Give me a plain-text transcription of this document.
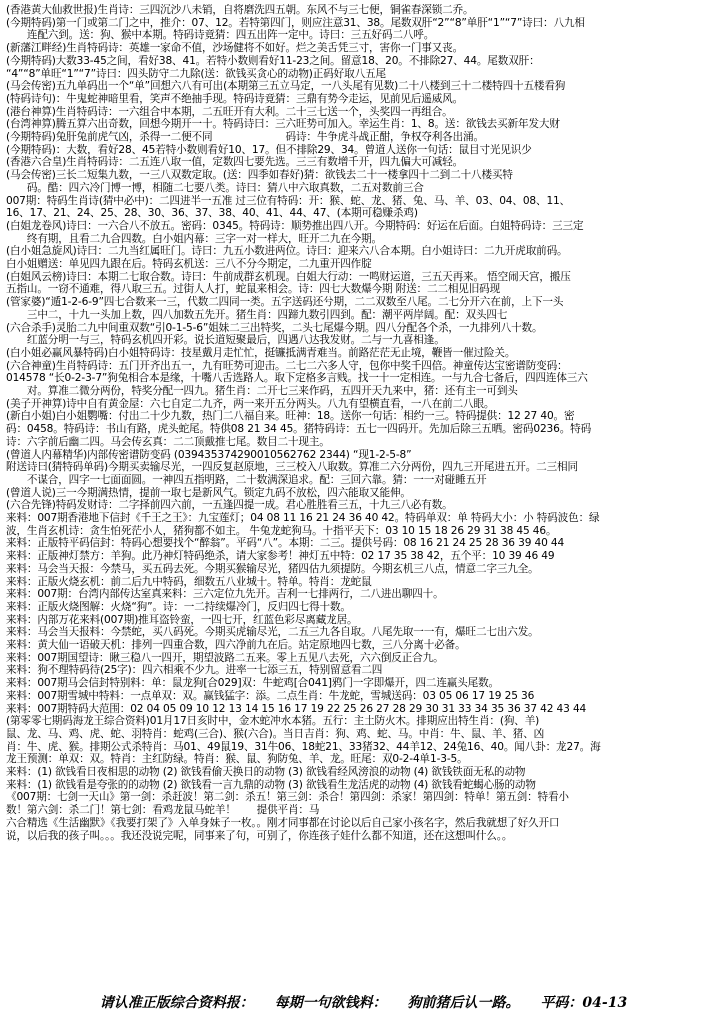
(香港黄大仙救世报)生肖诗：三四沉沙八未销，自将磨洗四五朝。东风不与三七便，铜雀春深锁二乔。
(今期特码)第一门或第二门之中，推介：07、12。若特第四门，则应注意31、38。尾数双肝“2”“8”单肝“1”“7”诗曰：八九相
　　连配六到。送：狗、猴中本期。特码诗竟猜：四五出阵一定中。诗曰：三五好码二八呼。
(新藩江畔经)生肖特码诗：英雄一家命不值，沙场健将不如好。烂之美舌凭三寸，害你一门事又丧。
(今期特码)大数33-45之间，看好38、41。若特小数则看好11-23之间。留意18、20。不排除27、44。尾数双肝：
“4”“8”单旺“1”“7”诗曰：四头防守二九除(送：欲钱买贪心的动物)正码好取八五尾
(马会传密)五九单码出一个“单”回想六八有可出(本期第三五立马定，一八头尾有见数)二十八楼到三十二楼特四十五楼看狗
(特码诗句)：牛鬼蛇神暗里看，笑声不绝抽手现。特码诗竟猜：三鼎有势今走运，见前见后遥威风。
(港台神算)生肖特码诗：一六组合中本期，二五旺开有大利。二十三七送一个，头奖四一再组合。
(台湾神算)腾五算六出奇数，回想今期开一十。特码诗曰：三六旺势可加入。幸运生肖：1、8。送：欲钱去买新年发大财
(今期特码)兔肝兔前虎气凶，杀得一二便不同　　　　　　　码诗：牛争虎斗战正酣，争权夺利各出涌。
(今期特码)：大数，看好28、45若特小数则看好10、17。但不排除29、34。曾道人送你一句话：鼠目寸光见识少
(香港六合皇)生肖特码诗：二五连八取一值，定数四七要先选。三三有数增千开，四九偏大可减轻。
(马会传密)三长二短集九数，一三八双数定取。(送：四季如春好)猜：欲钱去二十一楼拿四十二到二十八楼买特
　　码。酷：四六冷门博一博，相随二七要八类。诗曰：猜八中六取真数，二五对数前三合
007期：特码生肖诗(猜中必中)：二四进半一五准 过三位有特码：开：猴、蛇、龙、猪、兔、马、羊、03、04、08、11、
16、17、21、24、25、28、30、36、37、38、40、41、44、47、(本期可稳赚杀鸡)
(白姐龙卷风)诗曰：一六合八不放五。密码：0345。特码诗：顺势推出四八开。今期特码：好运在后面。白姐特码诗：三三定
　　终有期，且看二九合四数。白小姐内幕：三字一对一样大，旺开二九在今期。
(白小姐急旋风)诗曰：二九当红属旺门。诗曰：九五小数进两位。诗曰：迎来六八合本期。白小姐诗曰：二九开虎取前码。
白小姐赠送：单见四九跟在后。特码玄机送：三八不分今期定，二九重开四作腚
(白姐风云榜)诗曰：本期二七取合数。诗曰：牛前成群玄机现。白姐大行动：一鸣财运道，三五天再来。 悟空闹天宫，搬压
五指山。一窃不通难，得八取三五。过街人人打，蛇鼠来相会。诗：四七大数爆今期 附送：二二相见旧码现
(管家婆)“遁1-2-6-9”四七合数来一三，代数二四同一类。五字送码还兮期，二二双数至八尾。二七分开六在前，上下一头
　　三中二，十九一头加上数，四八加数五先开。猪生肖：四蹄九数引四到。配：潮平两岸阔。配：双头四七
(六合杀手)灵胎二九中间重双数“引0-1-5-6”姐妹二三出特奖，二头七尾爆今期。四八分配各个杀，一九排列八十数。
　　红蓝分明一与三，特码玄机四开彩。说长道短聚最后，四遇八达我发财。二与一九喜相逢。
(白小姐必赢风暴特码)白小姐特码诗：技星戴月走忙忙，挺镰抵满青难当。前路茫茫无止境，鞭皆一催过险关。
(六合神童)生肖特码诗：五门开齐出五一，九有旺势可迎击。二七二六多人守，包你中奖千四倍。神童传达宝密谱防变码：
014578 “长0-2-3-7”狗兔相合本是缘，十嘴八舌选路人。取下定格多言贱。找一十一定相连。一与九合七备后，四四连体三六
　　对。算准二微分两份，特奖分配一四九。猪生肖：二开七三来作码，五四开天九来中，猪：还有主一可到头
(美子开神算)诗中自有黄金屋：六七自定二九齐，两一来开五分两头。八九有望横直看，一八在前二八眼。
(新白小姐)白小姐鹦嘴：付出二十少九数，热门二八福自来。旺神：18。送你一句话：相约一三。特码提供：12 27 40。密
码：0458。特码诗：书山有路，虎头蛇尾。特供08 21 34 45。猪特码诗：五七一四码开。先加后除三五晒。密码0236。特码
诗：六字前后幽二四。马会传玄真：二二顶戴推七尾。数目二十现主。
(曾道人内幕精华)内部传密谱防变码 (039435374290010562762 2344) “现1-2-5-8”
附送诗曰(猜特码单码)今期买卖输尽光，一四反复赵原地，三三校入八取数。算准二六分两份，四九三开尾进五开。二三相同
　　不谋合，四字一七面面圆。一神四五指明路，二十数满深追求。配：三回六靠。猜：一一对碰睡五开
(曾道人说)三一今期满热情，提前一取七是新风气。锁定九码不放松，四六能取又能伸。
(六合先锋)特码发财诗：二字择前四六前，一五逢四提一成。君心胜胜看三五，十九三八必有数。
来料：007期香港地下信封《千王之王》：九宝莲灯；04 08 11 16 21 24 36 40 42。特码单双：单 特码大小：小 特码波色：绿
波，生肖玄机诗：贪生怕死茫小人，猪狗都不如主。 牛兔龙蛇狗马。十指平天下：03 10 15 18 26 29 31 38 45 46。
来料：正版特平码信封：特码心想要找个“醉翁”。平码“八”。本期：二三。提供号码：08 16 21 24 25 28 36 39 40 44
来料：正版神灯禁方：羊狗。此乃神灯特码绝杀，请大家参考！神灯五中特：02 17 35 38 42，五个平：10 39 46 49
来料：马会当天报：今禁马，买五码去死。今期买猴输尽光，猪四估九须提防。今期玄机三八点，情意二字三九全。
来料：正版火烧玄机：前二后九中特码，细数五八业城十。特单。特肖：龙蛇鼠
来料：007期：台湾内部传达室真来料：三六定位九先开。吉利一七排两行，二八进出聊四十。
来料：正版火烧图解：火烧“狗”。诗：一二持续爆冷门，反归四七得十数。
来料：内部万花来料(007期)推耳盗铃蛮，一四七开，红蓝色彩尽离藏龙居。
来料：马会当天报料：今禁蛇，买八码死。今期买虎输尽光，二五三九各自取。八尾先取一一有，爆旺二七出六发。
来料：黄大仙一语破天机：排列一四重合数，四六净前九在后。站定原地四七数，三八分离十必备。
来料：007期国望诗：瞅三稳八一四开，期望波路二五来。零上五见八去死，六六倒反正合九。
来料：狗不理特码待(25字)：四六相乘不少九。进率一七添三五，特别留意看二四
来料：007期马会信封特别料：单：鼠龙狗[合029]双：牛蛇鸡[合041]鸦门一字即爆开，四二连赢头尾数。
来料：007期雪城中特料：一点单双：双。赢钱猛字：添。二点生肖：牛龙蛇，雪城送码：03 05 06 17 19 25 36
来料：007期特码大范围：02 04 05 09 10 12 13 14 15 16 17 19 22 25 26 27 28 29 30 31 33 34 35 36 37 42 43 44
(第零零七期码海龙王综合资料)01月17日亥时中，金木蛇冲水本猪。五行：主土防火木。排期应出特生肖：(狗、羊)
鼠、龙、马、鸡、虎、蛇、羽特肖：蛇鸡(三合)、猴(六合)。当日吉肖：狗、鸡、蛇、马。中肖：牛、鼠、羊、猪、凶
肖：牛、虎、猴。排期公式杀特肖：马01、49鼠19、31牛06、18蛇21、33猪32、44羊12、24兔16、40。闻八卦：龙27。海
龙王预测：单双：双。特肖：主红防绿。特肖：猴、鼠、狗防兔、羊、龙。旺尾：双0-2-4单1-3-5。
来料：(1) 欲钱看日夜相思的动物 (2) 欲钱看偷天换日的动物 (3) 欲钱看经风滂浪的动物 (4) 欲钱铁面无私的动物
来料：(1) 欲钱看是夸张的的动物 (2) 欲钱看一言九鼎的动物 (3) 欲钱看生龙活虎的动物 (4) 欲钱看蛇蝎心肠的动物
《007期：七剑一天山》第一剑：杀赶波！第二剑：杀五！第三剑：杀合！第四剑：杀家！第四剑：特单！第五剑：特看小
数！第六剑：杀二门！第七剑：看鸡龙鼠马蛇羊！　　提供平肖：马
六合精选《生活幽默》《我要打架了》入单身妹子一枚。。刚才同事都在讨论以后自己家小孩名字，然后我就想了好久开口
说，以后我的孩子叫。。。我还没说完呢，同事来了句，可别了，你连孩子娃什么都不知道，还在这想叫什么。。
请认准正版综合资料报： 每期一句欲钱料： 狗前猪后认一路。 平码：04-13
